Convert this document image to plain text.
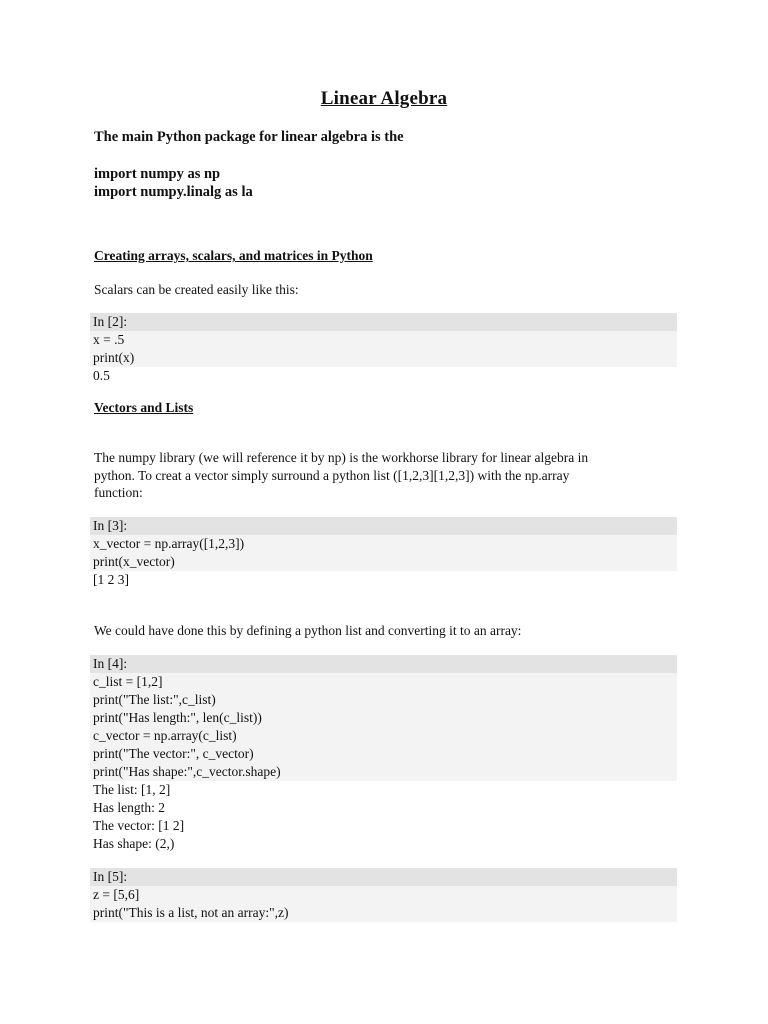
Linear Algebra
The main Python package for linear algebra is the
import numpy as np
import numpy.linalg as la
Creating arrays, scalars, and matrices in Python
Scalars can be created easily like this:
In [2]:
x = .5
print(x)
0.5
Vectors and Lists
The numpy library (we will reference it by np) is the workhorse library for linear algebra in
python. To creat a vector simply surround a python list ([1,2,3][1,2,3]) with the np.array
function:
In [3]:
x_vector = np.array([1,2,3])
print(x_vector)
[1 2 3]
We could have done this by defining a python list and converting it to an array:
In [4]:
c_list = [1,2]
print("The list:",c_list)
print("Has length:", len(c_list))
c_vector = np.array(c_list)
print("The vector:", c_vector)
print("Has shape:",c_vector.shape)
The list: [1, 2]
Has length: 2
The vector: [1 2]
Has shape: (2,)
In [5]:
z = [5,6]
print("This is a list, not an array:",z)
